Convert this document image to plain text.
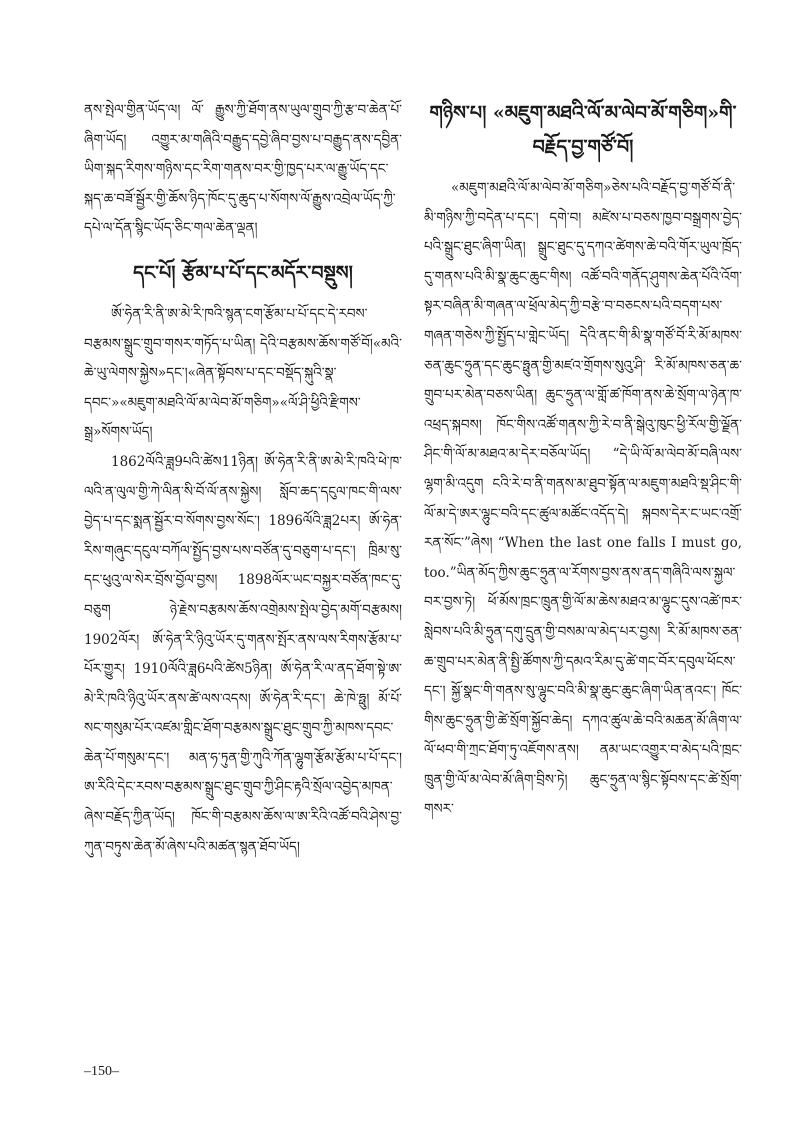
ནས་སྤེལ་གྱིན་ཡོད་ལ། ལོ་ རྒྱུས་ཀྱི་ཐོག་ནས་ཡུལ་གྲུབ་ཀྱི་རྩ་བ་ཆེན་པོ་ཞིག་ཡོད། འགྱུར་མ་གཞིའི་བརྒྱུད་དབྱེ་ཞིབ་བྱས་པ་བརྒྱུད་ནས་དབྱིན་ཡིག་སྐད་རིགས་གཉིས་དང་རིག་གནས་བར་གྱི་ཁྱད་པར་ལ་རྒྱུ་ཡོད་དང་སྐད་ཆ་བཟོ་སྦྱོར་གྱི་ཆོས་ཉིད་ཁོང་དུ་ཆུད་པ་སོགས་ལོ་རྒྱུས་འབྲེལ་ཡོད་ཀྱི་དཔེ་ལ་དོན་སྙིང་ཡོད་ཅིང་གལ་ཆེན་ལྡན།

དང་པོ། རྩོམ་པ་པོ་དང་མདོར་བསྡུས།

ཨོ་ཧེན་རི་ནི་ཨ་མེ་རི་ཁའི་སྙན་ངག་རྩོམ་པ་པོ་དང་དེ་རབས་བརྩམས་སྒྲུང་གྲུབ་གསར་གཏོད་པ་ཡིན། དེའི་བརྩམས་ཆོས་གཙོ་བོ།«མའི་ཆེ་ཡུ་ལེགས་སྐྱེས»དང་།«ཞེན་སྟོབས་པ་དང་བསྡོད་སྐུའི་སྣ་དབང་»«མཇུག་མཐའི་ལོ་མ་ལེབ་མོ་གཅིག»«ལོ་ཤི་ཕྱིའི་རྫིགས་སྒྲ»སོགས་ཡོད།

1862ལོའི་ཟླ9པའི་ཚེས11ཉིན། ཨོ་ཧེན་རི་ནི་ཨ་མེ་རི་ཁའི་ཕེ་ཁ་ལའི་ན་ལུལ་གྱི་ཀེ་ལིན་སི་བོ་ལོ་ནས་སྐྱེས། སློབ་ཆད་དངུལ་ཁང་གི་ལས་བྱེད་པ་དང་སྨན་སྦྱོར་བ་སོགས་བྱས་སོང་། 1896ལོའི་ཟླ2པར། ཨོ་ཧེན་རིས་གཞུང་དངུལ་བཀོལ་སྤྱོད་བྱས་པས་བཙོན་དུ་བཅུག་པ་དང་། ཁྲིམ་སུ་དང་ཕུའུ་ལ་སེར་བྲོས་བྱོལ་བྱས། 1898ལོར་ཡང་བསྐྱར་བཙོན་ཁང་དུ་བཅུག ཉེ་རྗེས་བརྩམས་ཆོས་འགྲེམས་སྤེལ་བྱེད་མགོ་བརྩམས། 1902ལོར། ཨོ་ཧེན་རི་ཉིའུ་ཡོར་དུ་གནས་སྤོར་ནས་ལས་རིགས་རྩོམ་པ་པོར་གྱུར། 1910ལོའི་ཟླ6པའི་ཚེས5ཉིན། ཨོ་ཧེན་རི་ལ་ནད་ཐོག་སྟེ་ཨ་མེ་རི་ཁའི་ཉིའུ་ཡོར་ནས་ཚེ་ལས་འདས། ཨོ་ཧེན་རི་དང་། ཆེ་ཁེ་ཧྥུ། མོ་པོ་སང་གསུམ་པོར་འཛམ་གླིང་ཐོག་བརྩམས་སྒྲུང་ཐུང་གྲུབ་ཀྱི་མཁས་དབང་ཆེན་པོ་གསུམ་དང་། མན་ཧ་ཏུན་གྱི་ཀུའི་ཀོན་ལྷུག་རྩོམ་རྩོམ་པ་པོ་དང་། ཨ་རིའི་དེང་རབས་བརྩམས་སྒྲུང་ཐུང་གྲུབ་ཀྱི་ཤིང་རྟའི་སྲོལ་འབྱེད་མཁན་ཞེས་བརྗོད་ཀྱིན་ཡོད། ཁོང་གི་བརྩམས་ཆོས་ལ་ཨ་རིའི་འཚོ་བའི་ཤེས་བྱ་ཀུན་བཏུས་ཆེན་མོ་ཞེས་པའི་མཚན་སྙན་ཐོབ་ཡོད།

གཉིས་པ། «མཇུག་མཐའི་ལོ་མ་ལེབ་མོ་གཅིག»གི་བརྗོད་བྱ་གཙོ་བོ།

«མཇུག་མཐའི་ལོ་མ་ལེབ་མོ་གཅིག»ཅེས་པའི་བརྗོད་བྱ་གཙོ་བོ་ནི་མི་གཉིས་ཀྱི་བདེན་པ་དང་། དགེ་བ། མཛེས་པ་བཅས་ཁྱབ་བསྒྲགས་བྱེད་པའི་སྒྲུང་ཐུང་ཞིག་ཡིན། སྒྲུང་ཐུང་དུ་དཀའ་ཚེགས་ཆེ་བའི་གོར་ཡུལ་ཁྲོད་དུ་གནས་པའི་མི་སྣ་ཆུང་ཆུང་གིས། འཚོ་བའི་གནོད་ཤུགས་ཆེན་པོའི་འོག་སྟར་བཞིན་མི་གཞན་ལ་ཕྲོལ་མེད་ཀྱི་བརྩེ་བ་བཅངས་པའི་བདག་པས་གཞན་གཅེས་ཀྱི་སྤྱོད་པ་གླེང་ཡོད། དེའི་ནང་གི་མི་སྣ་གཙོ་བོ་རི་མོ་མཁས་ཅན་ཆུང་ཧྲུན་དང་ཆུང་ཧྥུན་གྱི་མཛའ་གྲོགས་སུའུ་ཤི་ རི་མོ་མཁས་ཅན་ཆ་གྲུབ་པར་མེན་བཅས་ཡིན། ཆུང་ཧྲུན་ལ་གློ་ཚ་ཁོག་ནས་ཆེ་སྲོག་ལ་ཉེན་ཁ་འཕྲད་སྐབས། ཁོང་གིས་འཚོ་གནས་ཀྱི་རེ་བ་ནི་སྒེའུ་ཁུང་ཕྱི་རོལ་གྱི་ལྗོན་ཤིང་གི་ལོ་མ་མཐའ་མ་དེར་བཅོལ་ཡོད། “དེ་ཡི་ལོ་མ་ལེབ་མོ་བཞི་ལས་ལྷག་མི་འདུག ངའི་རེ་བ་ནི་གནས་མ་ཐུབ་སྟོན་ལ་མཇུག་མཐའི་སྡ་ཤིང་གི་ལོ་མ་དེ་ཨར་ལྷུང་བའི་དང་ཚུལ་མཚོང་འདོད་དེ། སྐབས་དེར་ང་ཡང་འགྲོ་རན་སོང་”ཞེས། “When the last one falls I must go, too.”ཡིན་མོད་ཀྱིས་ཆུང་ཧྲུན་ལ་རོགས་བྱས་ནས་ནད་གཞིའི་ལས་སྐྱལ་བར་བྱས་ཏེ། ཕོ་མོས་ཁྲང་ཁྲུན་གྱི་ལོ་མ་ཆེས་མཐའ་མ་ལྷུང་དུས་འཚེ་ཁར་སླེབས་པའི་མི་ཧྲུན་དགུ་དྲུན་གྱི་བསམ་ལ་མེད་པར་བྱས། རི་མོ་མཁས་ཅན་ཆ་གྲུབ་པར་མེན་ནི་སྤྱི་ཚོགས་ཀྱི་དམའ་རིམ་དུ་ཚེ་གང་བོར་དབུལ་ཕོངས་དང་། སྐྱོ་སྣང་གི་གནས་སུ་ལྷུང་བའི་མི་སྣ་ཆུང་ཆུང་ཞིག་ཡིན་ནའང་། ཁོང་གིས་ཆུང་ཧྲུན་གྱི་ཚེ་སྲོག་སྐྱོབ་ཆེད། དཀའ་ཚུལ་ཆེ་བའི་མཆན་མོ་ཞིག་ལ་ལོ་ཕབ་གི་ཀྲང་ཐོག་ཏུ་འཇོགས་ནས། ནམ་ཡང་འགྱུར་བ་མེད་པའི་ཁྲང་ཁྲུན་གྱི་ལོ་མ་ལེབ་མོ་ཞིག་བྲིས་ཏེ། ཆུང་ཧྲུན་ལ་སྙིང་སྟོབས་དང་ཚེ་སྲོག་གསར་

–150–
